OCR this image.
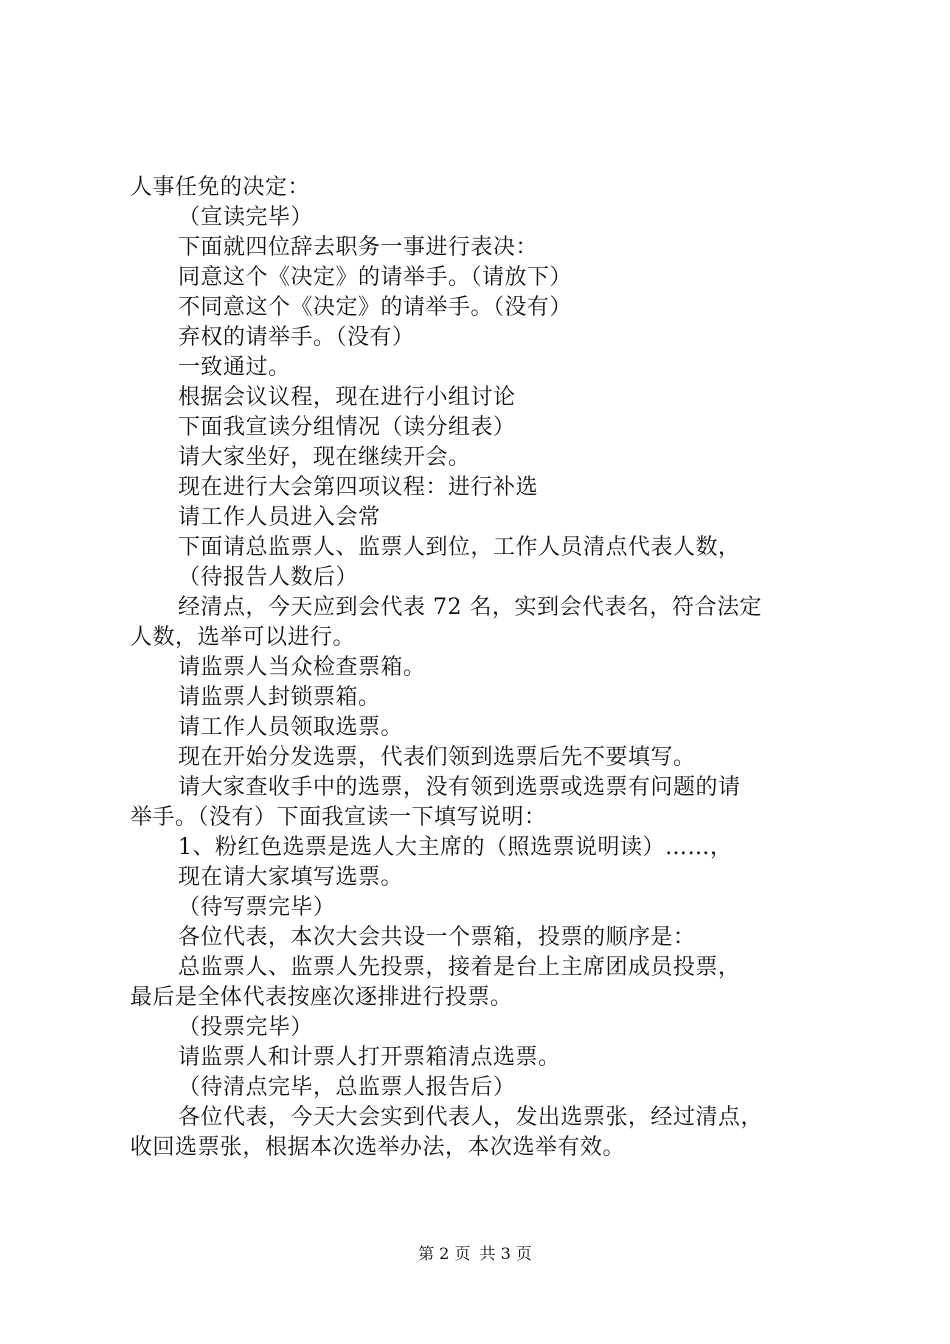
人事任免的决定：
（宣读完毕）
下面就四位辞去职务一事进行表决：
同意这个《决定》的请举手。（请放下）
不同意这个《决定》的请举手。（没有）
弃权的请举手。（没有）
一致通过。
根据会议议程，现在进行小组讨论
下面我宣读分组情况（读分组表）
请大家坐好，现在继续开会。
现在进行大会第四项议程：进行补选
请工作人员进入会常
下面请总监票人、监票人到位，工作人员清点代表人数，
（待报告人数后）
经清点，今天应到会代表 72 名，实到会代表名，符合法定
人数，选举可以进行。
请监票人当众检查票箱。
请监票人封锁票箱。
请工作人员领取选票。
现在开始分发选票，代表们领到选票后先不要填写。
请大家查收手中的选票，没有领到选票或选票有问题的请
举手。（没有）下面我宣读一下填写说明：
1、粉红色选票是选人大主席的（照选票说明读）……，
现在请大家填写选票。
（待写票完毕）
各位代表，本次大会共设一个票箱，投票的顺序是：
总监票人、监票人先投票，接着是台上主席团成员投票，
最后是全体代表按座次逐排进行投票。
（投票完毕）
请监票人和计票人打开票箱清点选票。
（待清点完毕，总监票人报告后）
各位代表，今天大会实到代表人，发出选票张，经过清点，
收回选票张，根据本次选举办法，本次选举有效。
第 2 页 共 3 页
